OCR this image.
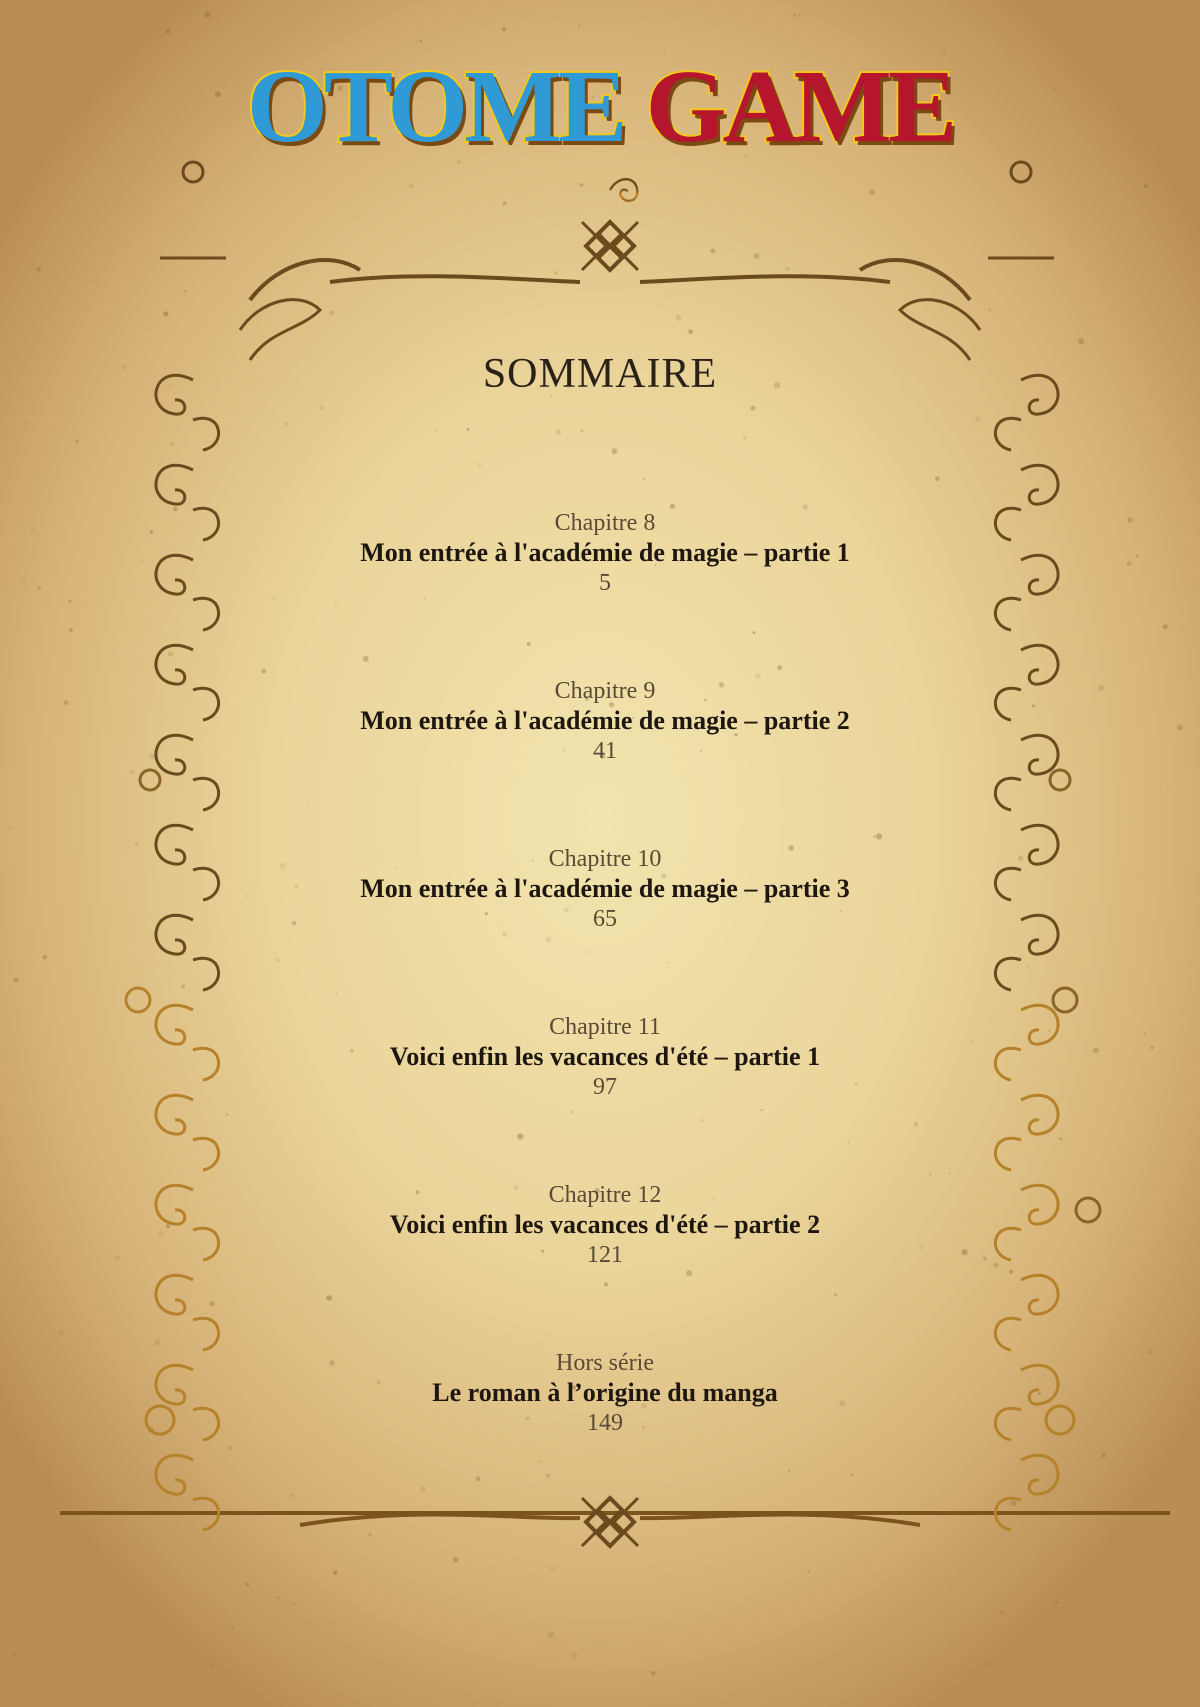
OTOME GAME
SOMMAIRE
Chapitre 8
Mon entrée à l'académie de magie – partie 1
5
Chapitre 9
Mon entrée à l'académie de magie – partie 2
41
Chapitre 10
Mon entrée à l'académie de magie – partie 3
65
Chapitre 11
Voici enfin les vacances d'été – partie 1
97
Chapitre 12
Voici enfin les vacances d'été – partie 2
121
Hors série
Le roman à l’origine du manga
149
